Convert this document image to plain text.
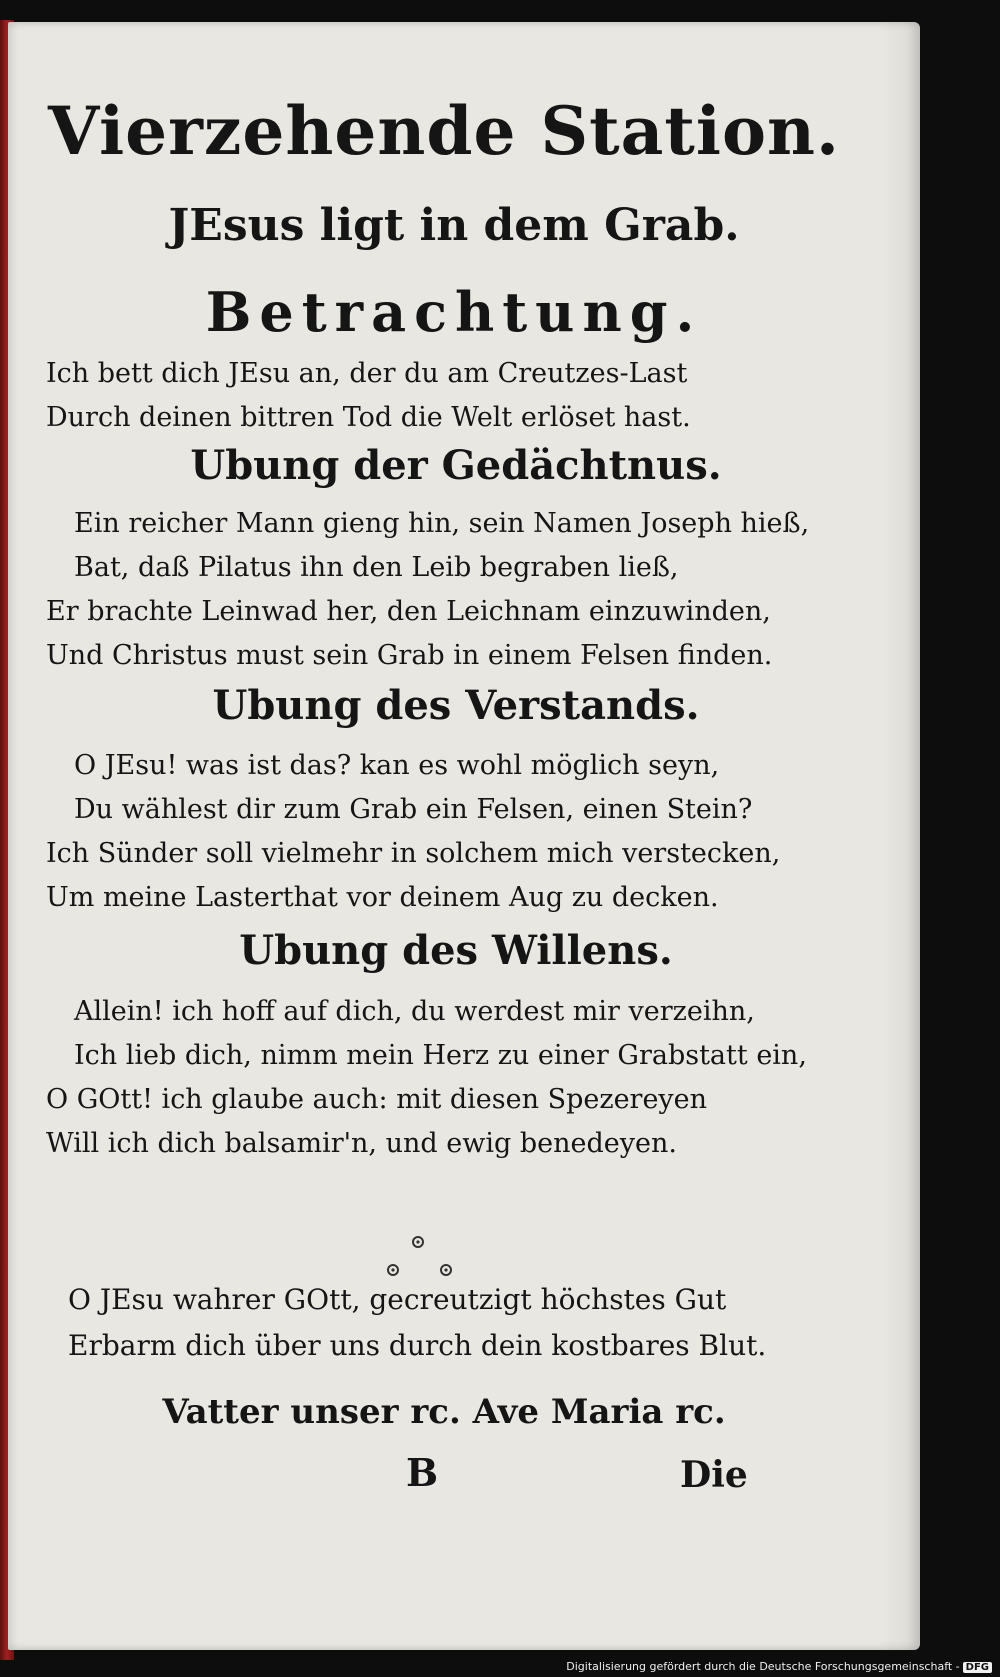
Vierzehende Station.
JEsus ligt in dem Grab.
Betrachtung.
Ich bett dich JEsu an, der du am Creutzes-Last
Durch deinen bittren Tod die Welt erlöset hast.
Ubung der Gedächtnus.
Ein reicher Mann gieng hin, sein Namen Joseph hieß,
Bat, daß Pilatus ihn den Leib begraben ließ,
Er brachte Leinwad her, den Leichnam einzuwinden,
Und Christus must sein Grab in einem Felsen finden.
Ubung des Verstands.
O JEsu! was ist das? kan es wohl möglich seyn,
Du wählest dir zum Grab ein Felsen, einen Stein?
Ich Sünder soll vielmehr in solchem mich verstecken,
Um meine Lasterthat vor deinem Aug zu decken.
Ubung des Willens.
Allein! ich hoff auf dich, du werdest mir verzeihn,
Ich lieb dich, nimm mein Herz zu einer Grabstatt ein,
O GOtt! ich glaube auch: mit diesen Spezereyen
Will ich dich balsamir'n, und ewig benedeyen.
O JEsu wahrer GOtt, gecreutzigt höchstes Gut
Erbarm dich über uns durch dein kostbares Blut.
Vatter unser rc. Ave Maria rc.
B	Die
Digitalisierung gefördert durch die Deutsche Forschungsgemeinschaft - DFG
